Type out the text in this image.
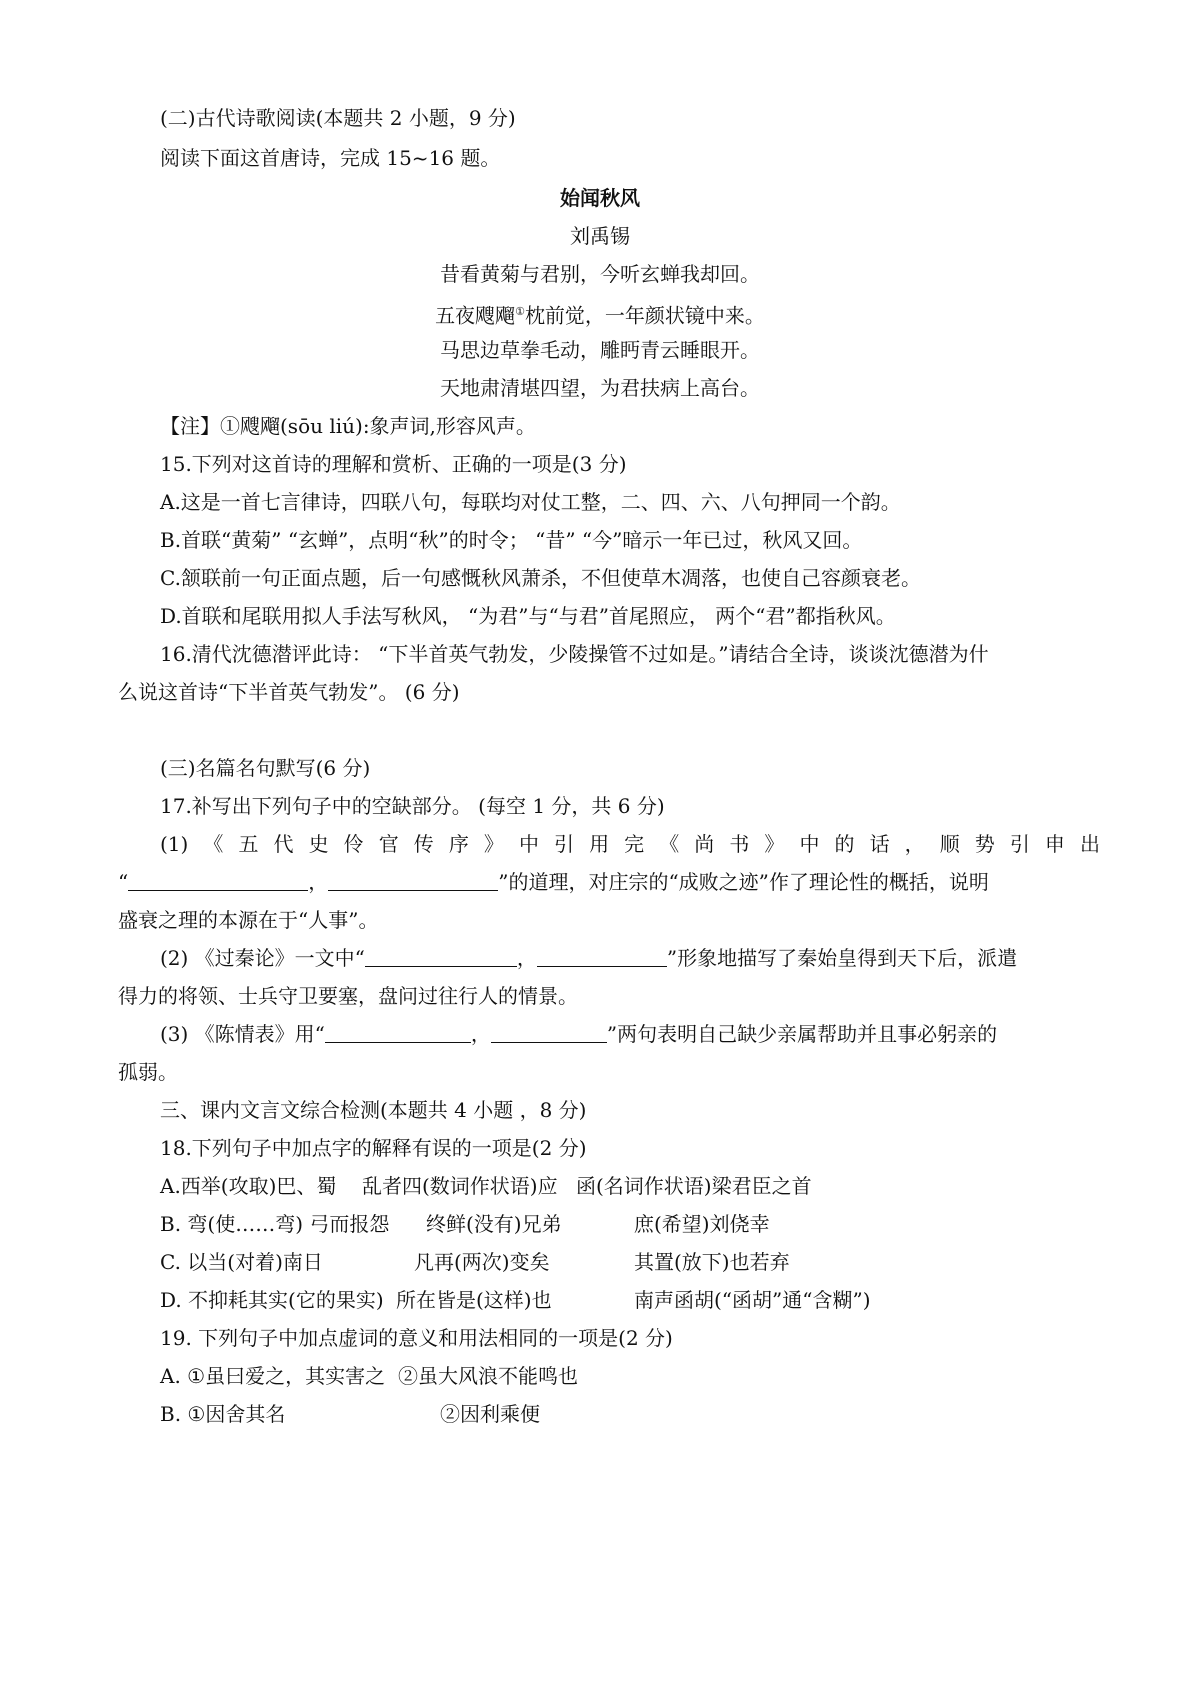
(二)古代诗歌阅读(本题共 2 小题，9 分)
阅读下面这首唐诗，完成 15~16 题。
始闻秋风
刘禹锡
昔看黄菊与君别，今听玄蝉我却回。
五夜飕飗①枕前觉，一年颜状镜中来。
马思边草拳毛动，雕眄青云睡眼开。
天地肃清堪四望，为君扶病上高台。
【注】①飕飗(sōu liú):象声词,形容风声。
15.下列对这首诗的理解和赏析、正确的一项是(3 分)
A.这是一首七言律诗，四联八句，每联均对仗工整，二、四、六、八句押同一个韵。
B.首联“黄菊” “玄蝉”，点明“秋”的时令； “昔” “今”暗示一年已过，秋风又回。
C.颔联前一句正面点题，后一句感慨秋风萧杀，不但使草木凋落，也使自己容颜衰老。
D.首联和尾联用拟人手法写秋风， “为君”与“与君”首尾照应， 两个“君”都指秋风。
16.清代沈德潜评此诗： “下半首英气勃发，少陵操管不过如是。”请结合全诗，谈谈沈德潜为什
么说这首诗“下半首英气勃发”。 (6 分)
(三)名篇名句默写(6 分)
17.补写出下列句子中的空缺部分。 (每空 1 分，共 6 分)
(1) 《 五 代 史 伶 官 传 序 》 中 引 用 完 《 尚 书 》 中 的 话 ， 顺 势 引 申 出
“	，	”的道理，对庄宗的“成败之迹”作了理论性的概括，说明
盛衰之理的本源在于“人事”。
(2) 《过秦论》一文中“	，	”形象地描写了秦始皇得到天下后，派遣
得力的将领、士兵守卫要塞，盘问过往行人的情景。
(3) 《陈情表》用“	，	”两句表明自己缺少亲属帮助并且事必躬亲的
孤弱。
三、课内文言文综合检测(本题共 4 小题 ，8 分)
18.下列句子中加点字的解释有误的一项是(2 分)
A.西举(攻取)巴、蜀 乱者四(数词作状语)应 函(名词作状语)梁君臣之首
B. 弯(使……弯) 弓而报怨 终鲜(没有)兄弟	庶(希望)刘侥幸
C. 以当(对着)南日	凡再(两次)变矣	其置(放下)也若弃
D. 不抑耗其实(它的果实) 所在皆是(这样)也	南声函胡(“函胡”通“含糊”)
19. 下列句子中加点虚词的意义和用法相同的一项是(2 分)
A. ①虽曰爱之，其实害之 ②虽大风浪不能鸣也
B. ①因舍其名	②因利乘便
